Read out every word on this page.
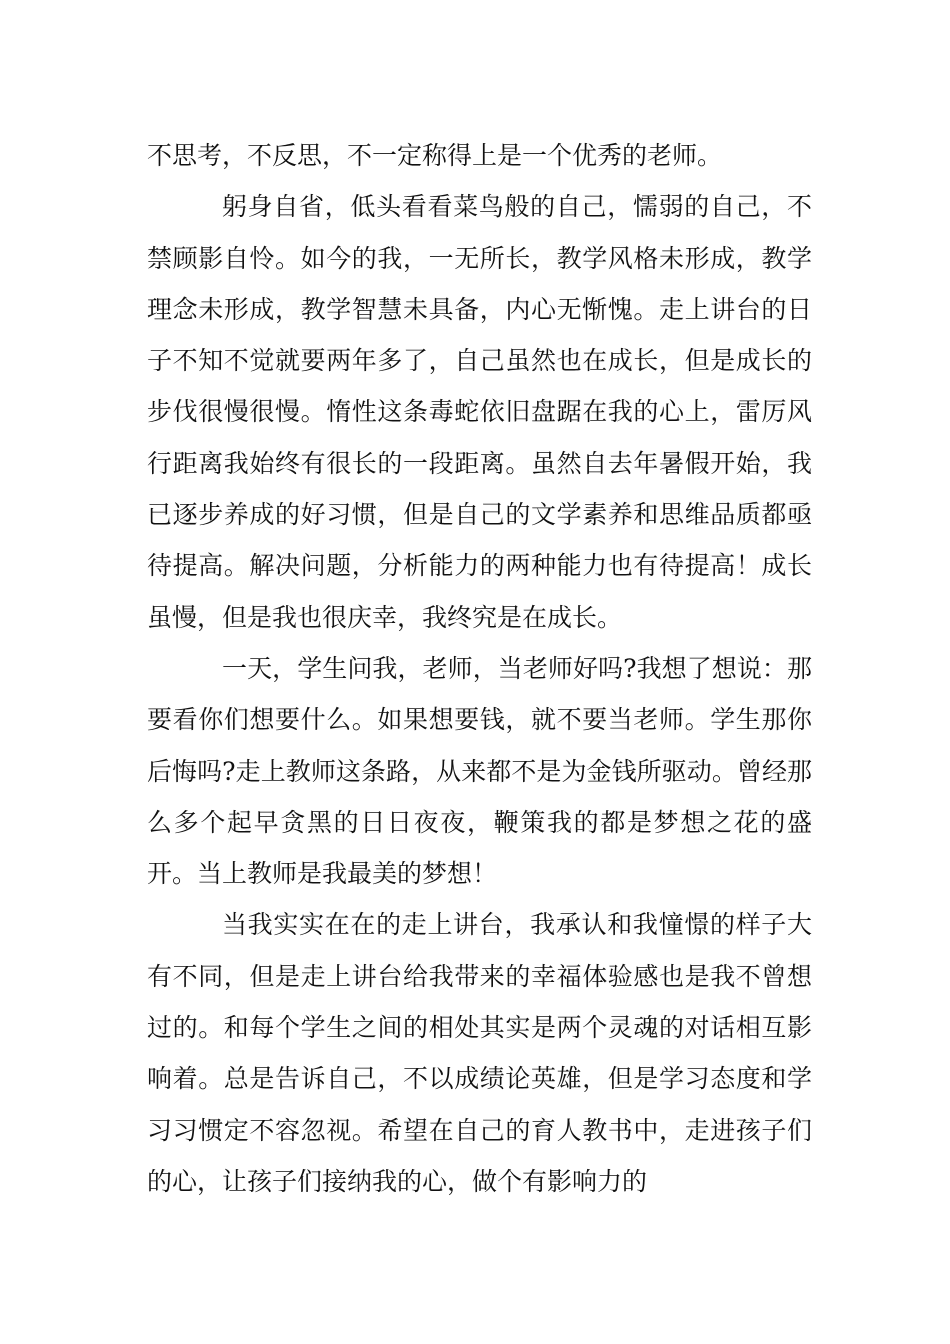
不思考，不反思，不一定称得上是一个优秀的老师。

躬身自省，低头看看菜鸟般的自己，懦弱的自己，不禁顾影自怜。如今的我，一无所长，教学风格未形成，教学理念未形成，教学智慧未具备，内心无惭愧。走上讲台的日子不知不觉就要两年多了，自己虽然也在成长，但是成长的步伐很慢很慢。惰性这条毒蛇依旧盘踞在我的心上，雷厉风行距离我始终有很长的一段距离。虽然自去年暑假开始，我已逐步养成的好习惯，但是自己的文学素养和思维品质都亟待提高。解决问题，分析能力的两种能力也有待提高！成长虽慢，但是我也很庆幸，我终究是在成长。

一天，学生问我，老师，当老师好吗?我想了想说：那要看你们想要什么。如果想要钱，就不要当老师。学生那你后悔吗?走上教师这条路，从来都不是为金钱所驱动。曾经那么多个起早贪黑的日日夜夜，鞭策我的都是梦想之花的盛开。当上教师是我最美的梦想！

当我实实在在的走上讲台，我承认和我憧憬的样子大有不同，但是走上讲台给我带来的幸福体验感也是我不曾想过的。和每个学生之间的相处其实是两个灵魂的对话相互影响着。总是告诉自己，不以成绩论英雄，但是学习态度和学习习惯定不容忽视。希望在自己的育人教书中，走进孩子们的心，让孩子们接纳我的心，做个有影响力的
